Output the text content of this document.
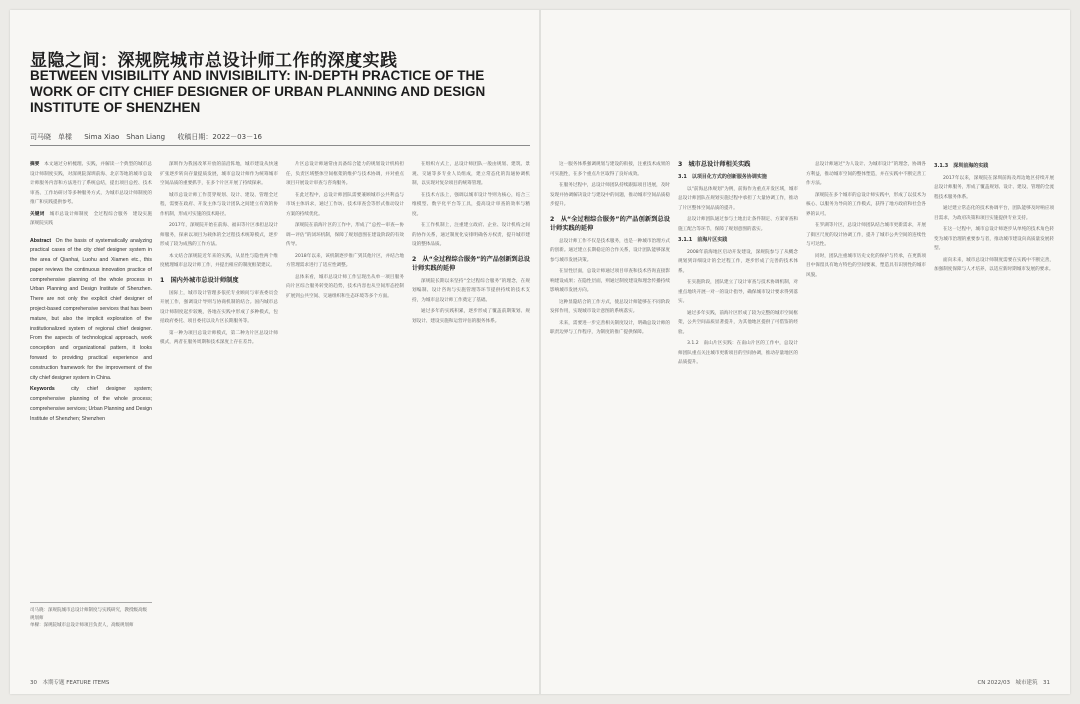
显隐之间：深规院城市总设计师工作的深度实践
BETWEEN VISIBILITY AND INVISIBILITY: IN-DEPTH PRACTICE OF THE
WORK OF CITY CHIEF DESIGNER OF URBAN PLANNING AND DESIGN
INSTITUTE OF SHENZHEN
司马晓　单樑 Sima Xiao　Shan Liang 收稿日期：2022－03－16

摘要　 本文通过分析梳理、实践，并解读一个典型的城市总设计师制度实践，对深规院深圳前海、北京等地的城市总设计师服务内容和方法进行了系统总结，提出项目总控、技术审查、工作坊研讨等多种服务方式，为城市总设计师制度的推广和实践提供参考。

关键词　 城市总设计师制度　全过程综合服务　建设实施　深规院实践

Abstract On the basis of systematically analyzing practical cases of the city chief designer system in the area of Qianhai, Luohu and Xiamen etc., this paper reviews the continuous innovation practice of comprehensive planning of the whole process in Urban Planning and Design Institute of Shenzhen. There are not only the explicit chief designer of project-based comprehensive services that has been mature, but also the implicit exploration of the institutionalized system of regional chief designer. From the aspects of technological approach, work conception and organizational pattern, it looks forward to providing practical experience and construction framework for the improvement of the city chief designer system in China.
Keywords	city chief designer system; comprehensive planning of the whole process; comprehensive services; Urban Planning and Design Institute of Shenzhen; Shenzhen
司马晓：深规院城市总设计师制度与实践研究，教授级高级规划师
单樑：深规院城市总设计师项目负责人，高级规划师

深圳作为我国改革开放的前沿阵地，城市建设从快速扩张逐步转向存量提质发展，城市总设计师作为统筹城市空间品质的重要抓手，在多个片区开展了持续探索。

城市总设计师工作贯穿规划、设计、建设、管理全过程，需要在政府、开发主体与设计团队之间建立有效的协作机制，形成可实施的技术路径。

2017年，深规院开始在前海、福田等片区承担总设计师服务，探索以项目为载体的全过程技术统筹模式，逐步形成了较为成熟的工作方法。

本文结合深规院近年来的实践，从显性与隐性两个维度梳理城市总设计师工作，并提出相应的制度框架建议。

1　国内外城市总设计师制度

国际上，城市设计管理多依托专业顾问与审查委员会开展工作，强调设计导则与协商机制的结合。国内城市总设计师制度起步较晚，各地在实践中形成了多种模式，包括政府委托、项目委托以及片区长期服务等。

第一种为项目总设计师模式，第二种为片区总设计师模式，两者在服务周期和技术深度上存在差异。

片区总设计师通常由具备综合能力的规划设计机构担任，负责区域整体空间框架的维护与技术协调，并对重点项目开展设计审查与咨询服务。

在此过程中，总设计师团队需要兼顾城市公共利益与市场主体诉求，通过工作坊、技术审查会等形式推动设计方案的持续优化。

深规院在前海片区的工作中，形成了“总控—审查—协调—评估”的闭环机制，保障了规划意图在建设阶段的有效传导。

2018年以来，该机制逐步推广到其他片区，并结合地方管理需求进行了适应性调整。

总体来看，城市总设计师工作呈现出从单一项目服务向片区综合服务转变的趋势，技术内容也从空间形态控制扩展到公共空间、交通组织和生态环境等多个方面。

在组织方式上，总设计师团队一般由规划、建筑、景观、交通等多专业人员组成，建立常态化的沟通协调机制，以实现对复杂项目的统筹管理。

在技术方法上，强调以城市设计导则为核心，结合三维模型、数字化平台等工具，提高设计审查的效率与精度。

在工作机制上，注重建立政府、企业、设计机构之间的协作关系，通过制度化安排明确各方权责，提升城市建设的整体品质。

2　从“全过程综合服务”的产品创新到总设计师实践的延伸

深规院长期以来坚持“全过程综合服务”的理念，在规划编制、设计咨询与实施管理等环节提供持续的技术支持，为城市总设计师工作奠定了基础。

通过多年的实践积累，逐步形成了覆盖前期策划、规划设计、建设实施和运营评估的服务体系。

这一服务体系强调规划与建设的衔接，注重技术成果的可实施性，在多个重点片区取得了良好成效。

在服务过程中，总设计师团队持续跟踪项目进展，及时发现并协调解决设计与建设中的问题，推动城市空间品质稳步提升。

2　从“全过程综合服务”的产品创新到总设计师实践的延伸

总设计师工作不仅是技术服务，也是一种城市治理方式的创新。通过建立长期稳定的合作关系，设计团队能够深度参与城市发展决策。

在显性层面，总设计师通过项目审查和技术咨询直接影响建设成果；在隐性层面，则通过制度建设和理念传播持续影响城市发展方向。

这种显隐结合的工作方式，使总设计师能够在不同阶段发挥作用，实现城市设计意图的系统落实。

未来，需要进一步完善相关制度设计，明确总设计师的职责边界与工作程序，为制度的推广提供保障。

3　城市总设计师相关实践
3.1　以项目化方式的创新服务协调实施

以“前海总体规划”为例，前海作为重点开发区域，城市总设计师团队在规划实施过程中承担了大量协调工作，推动了片区整体空间品质的提升。

总设计师团队通过参与土地出让条件制定、方案审查和施工配合等环节，保障了规划意图的落实。

3.1.1　前海片区实践

2008年前海地区启动开发建设，深规院参与了从概念规划到详细设计的全过程工作，逐步形成了完善的技术体系。

在实施阶段，团队建立了设计审查与技术协调机制，对重点地块开展一对一的设计指导，确保城市设计要求得到落实。

通过多年实践，前海片区形成了较为完整的城市空间框架，公共空间品质显著提升，为其他地区提供了可借鉴的经验。

3.1.2　南山片区实践：在南山片区的工作中，总设计师团队重点关注城市更新项目的空间协调，推动存量地区的品质提升。

总设计师通过“为人设计、为城市设计”的理念，协调各方利益，推动城市空间的整体塑造，并在实践中不断完善工作方法。

深规院在多个城市的总设计师实践中，形成了以技术为核心、以服务为导向的工作模式，获得了地方政府和社会各界的认可。

在罗湖等片区，总设计师团队结合城市更新需求，开展了街区尺度的设计协调工作，提升了城市公共空间的连续性与可达性。

同时，团队注重城市历史文化的保护与传承，在更新项目中保留具有地方特色的空间要素，塑造具有识别性的城市风貌。

3.1.3　深圳前海的实践

2017年以来，深规院在深圳前海及周边地区持续开展总设计师服务，形成了覆盖规划、设计、建设、管理的全流程技术服务体系。

通过建立常态化的技术协调平台，团队能够及时响应项目需求，为政府决策和项目实施提供专业支持。

在这一过程中，城市总设计师逐步从单纯的技术角色转变为城市治理的重要参与者，推动城市建设向高质量发展转型。

面向未来，城市总设计师制度需要在实践中不断完善，加强制度保障与人才培养，以适应新时期城市发展的要求。

30　本期专题 FEATURE ITEMS	CN 2022/03　城市建筑　31
